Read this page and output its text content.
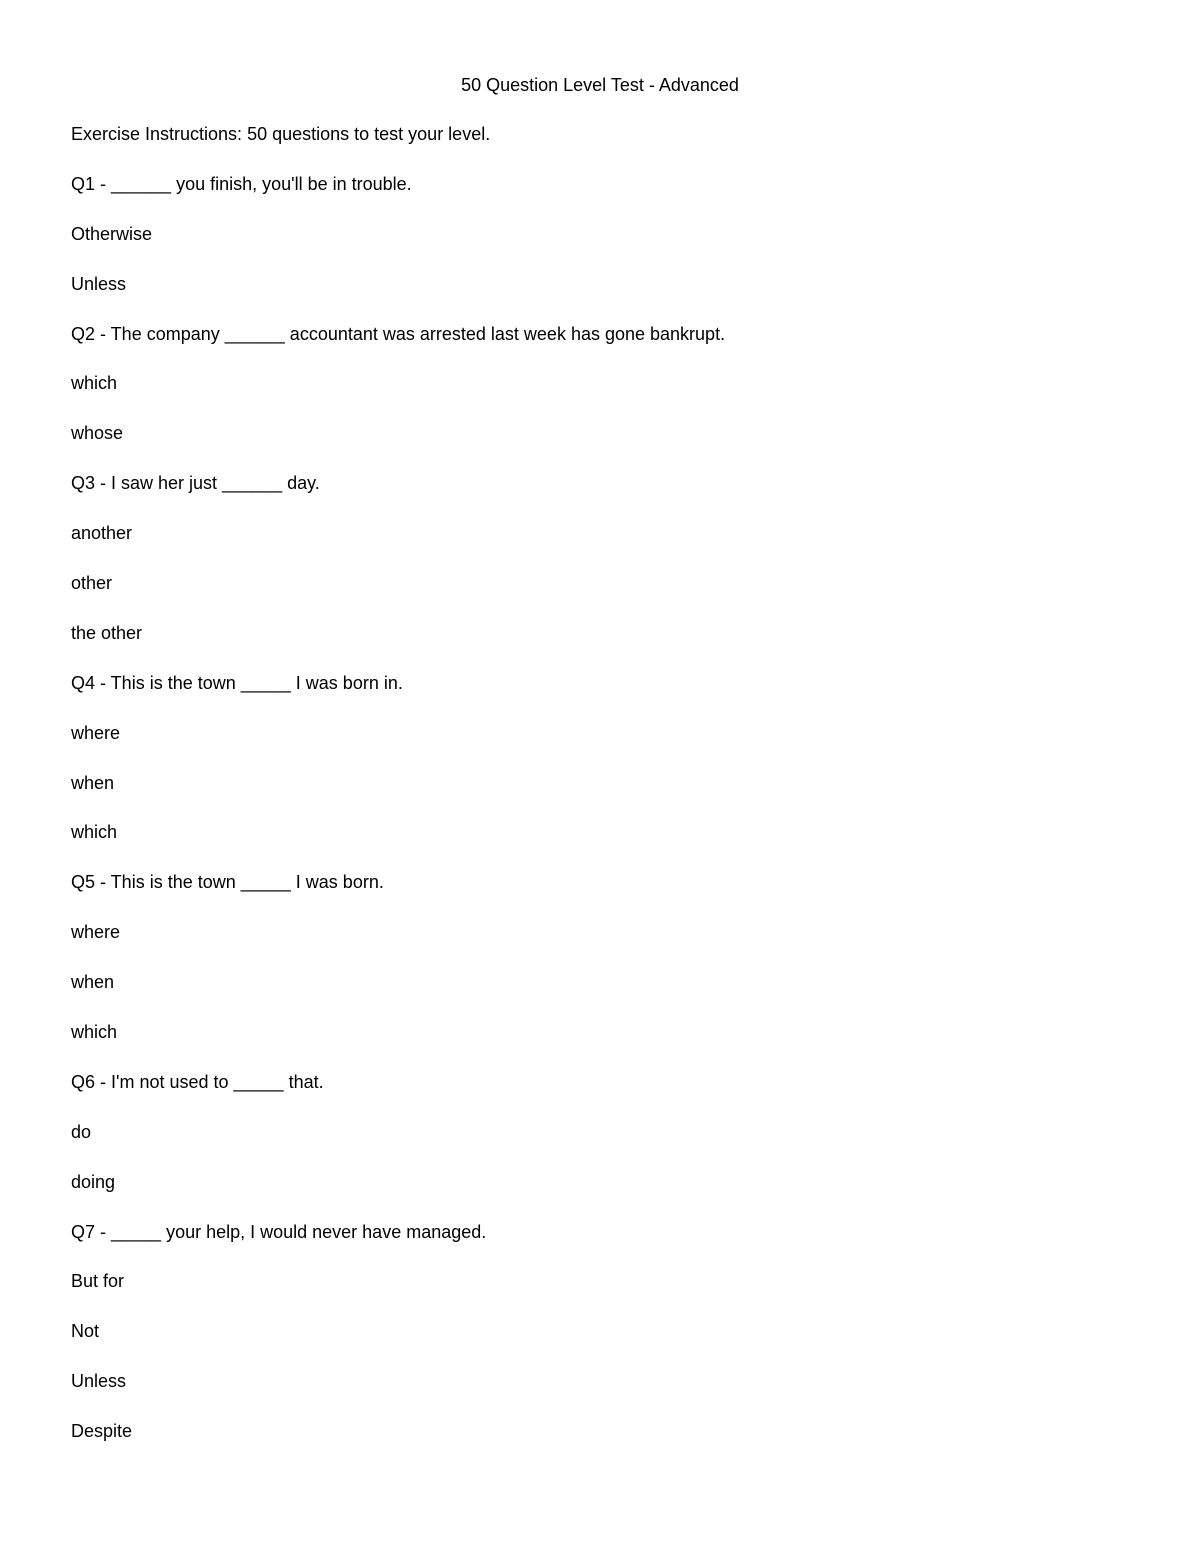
50 Question Level Test - Advanced
Exercise Instructions: 50 questions to test your level.
Q1 - ______ you finish, you'll be in trouble.
Otherwise
Unless
Q2 - The company ______ accountant was arrested last week has gone bankrupt.
which
whose
Q3 - I saw her just ______ day.
another
other
the other
Q4 - This is the town _____ I was born in.
where
when
which
Q5 - This is the town _____ I was born.
where
when
which
Q6 - I'm not used to _____ that.
do
doing
Q7 - _____ your help, I would never have managed.
But for
Not
Unless
Despite
